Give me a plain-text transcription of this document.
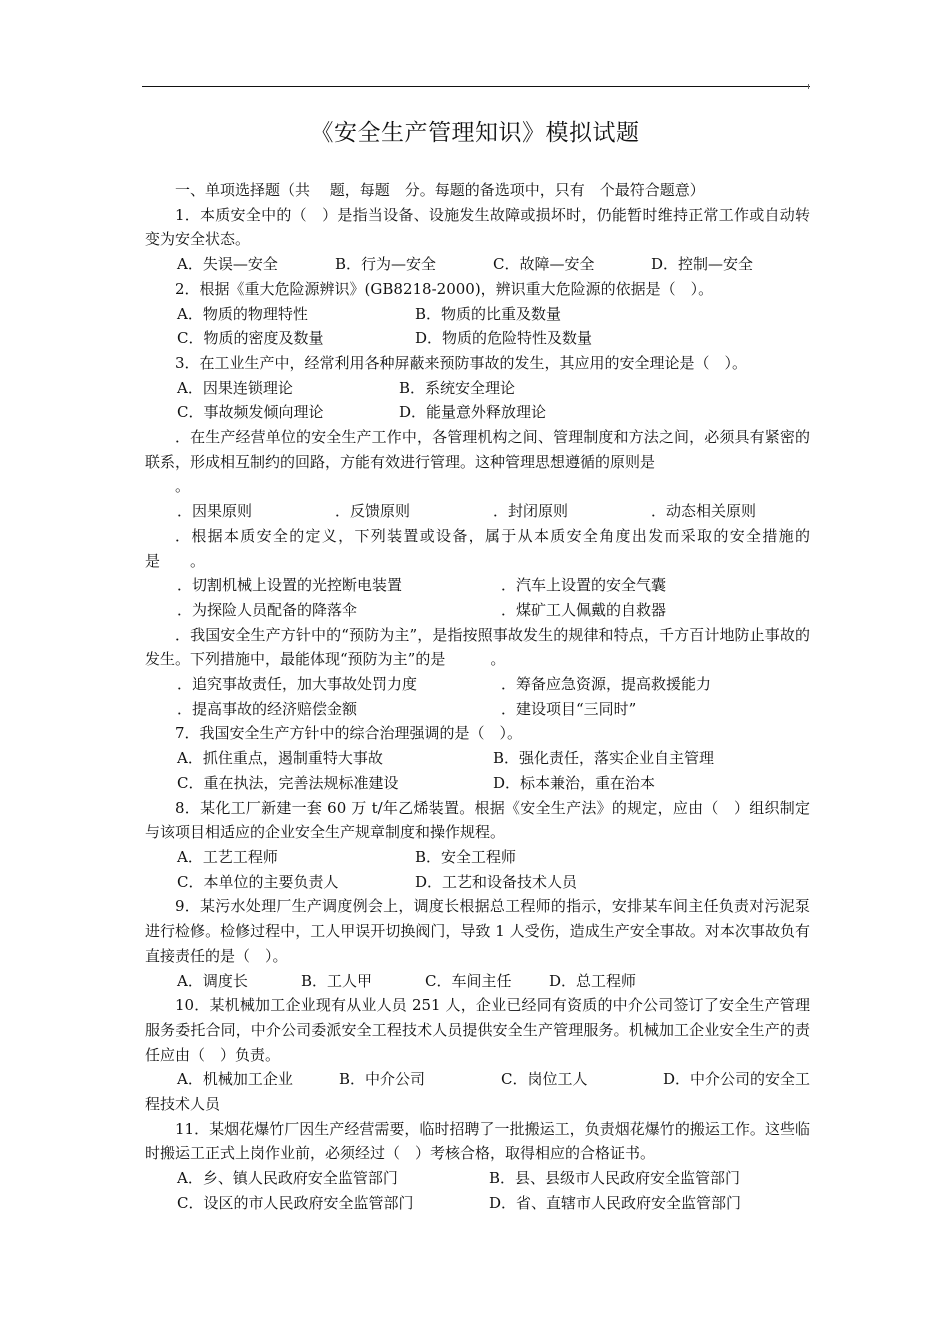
《安全生产管理知识》模拟试题

一、单项选择题（共　 题，每题　分。每题的备选项中，只有　个最符合题意）

1．本质安全中的（　）是指当设备、设施发生故障或损坏时，仍能暂时维持正常工作或自动转变为安全状态。

A．失误—安全	B．行为—安全	C．故障—安全	D．控制—安全

2．根据《重大危险源辨识》(GB8218-2000)，辨识重大危险源的依据是（　）。

A．物质的物理特性	B．物质的比重及数量
C．物质的密度及数量	D．物质的危险特性及数量

3．在工业生产中，经常利用各种屏蔽来预防事故的发生，其应用的安全理论是（　）。

A．因果连锁理论	B．系统安全理论
C．事故频发倾向理论	D．能量意外释放理论

．在生产经营单位的安全生产工作中，各管理机构之间、管理制度和方法之间，必须具有紧密的联系，形成相互制约的回路，方能有效进行管理。这种管理思想遵循的原则是

。

．因果原则	．反馈原则	．封闭原则	．动态相关原则

．根据本质安全的定义，下列装置或设备，属于从本质安全角度出发而采取的安全措施的是　　。

．切割机械上设置的光控断电装置	．汽车上设置的安全气囊
．为探险人员配备的降落伞	．煤矿工人佩戴的自救器

．我国安全生产方针中的“预防为主”，是指按照事故发生的规律和特点，千方百计地防止事故的发生。下列措施中，最能体现“预防为主”的是　　　。

．追究事故责任，加大事故处罚力度	．筹备应急资源，提高救援能力
．提高事故的经济赔偿金额	．建设项目“三同时”

7．我国安全生产方针中的综合治理强调的是（　）。

A．抓住重点，遏制重特大事故	B．强化责任，落实企业自主管理
C．重在执法，完善法规标准建设	D．标本兼治，重在治本

8．某化工厂新建一套 60 万 t/年乙烯装置。根据《安全生产法》的规定，应由（　）组织制定与该项目相适应的企业安全生产规章制度和操作规程。

A．工艺工程师	B．安全工程师
C．本单位的主要负责人	D．工艺和设备技术人员

9．某污水处理厂生产调度例会上，调度长根据总工程师的指示，安排某车间主任负责对污泥泵进行检修。检修过程中，工人甲误开切换阀门，导致 1 人受伤，造成生产安全事故。对本次事故负有直接责任的是（　）。

A．调度长	B．工人甲	C．车间主任	D．总工程师

10．某机械加工企业现有从业人员 251 人，企业已经同有资质的中介公司签订了安全生产管理服务委托合同，中介公司委派安全工程技术人员提供安全生产管理服务。机械加工企业安全生产的责任应由（　）负责。

A．机械加工企业	B．中介公司	C．岗位工人	D．中介公司的安全工

程技术人员

11．某烟花爆竹厂因生产经营需要，临时招聘了一批搬运工，负责烟花爆竹的搬运工作。这些临时搬运工正式上岗作业前，必须经过（　）考核合格，取得相应的合格证书。

A．乡、镇人民政府安全监管部门	B．县、县级市人民政府安全监管部门
C．设区的市人民政府安全监管部门	D．省、直辖市人民政府安全监管部门
